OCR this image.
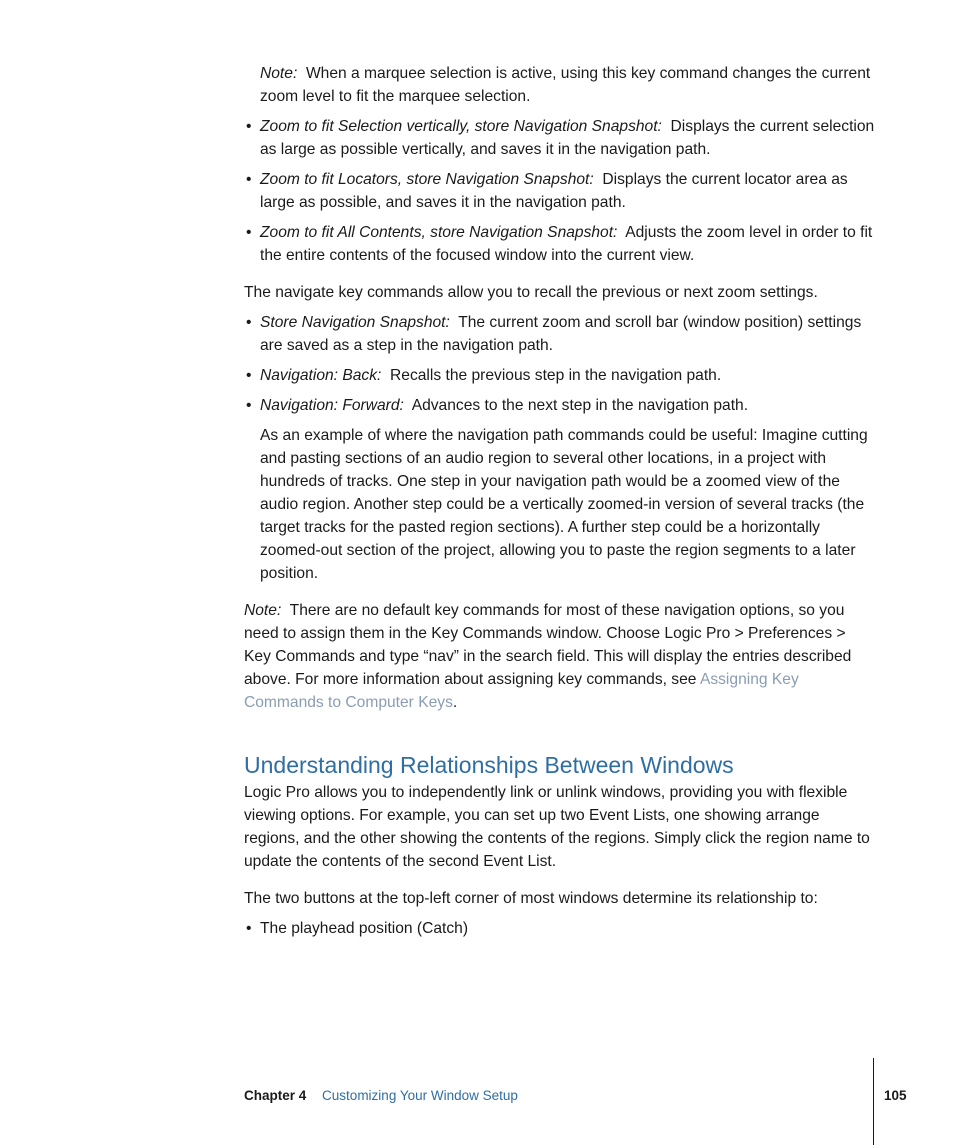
Note: When a marquee selection is active, using this key command changes the current zoom level to fit the marquee selection.
• Zoom to fit Selection vertically, store Navigation Snapshot: Displays the current selection as large as possible vertically, and saves it in the navigation path.
• Zoom to fit Locators, store Navigation Snapshot: Displays the current locator area as large as possible, and saves it in the navigation path.
• Zoom to fit All Contents, store Navigation Snapshot: Adjusts the zoom level in order to fit the entire contents of the focused window into the current view.
The navigate key commands allow you to recall the previous or next zoom settings.
• Store Navigation Snapshot: The current zoom and scroll bar (window position) settings are saved as a step in the navigation path.
• Navigation: Back: Recalls the previous step in the navigation path.
• Navigation: Forward: Advances to the next step in the navigation path.
As an example of where the navigation path commands could be useful: Imagine cutting and pasting sections of an audio region to several other locations, in a project with hundreds of tracks. One step in your navigation path would be a zoomed view of the audio region. Another step could be a vertically zoomed-in version of several tracks (the target tracks for the pasted region sections). A further step could be a horizontally zoomed-out section of the project, allowing you to paste the region segments to a later position.
Note: There are no default key commands for most of these navigation options, so you need to assign them in the Key Commands window. Choose Logic Pro > Preferences > Key Commands and type “nav” in the search field. This will display the entries described above. For more information about assigning key commands, see Assigning Key Commands to Computer Keys.
Understanding Relationships Between Windows
Logic Pro allows you to independently link or unlink windows, providing you with flexible viewing options. For example, you can set up two Event Lists, one showing arrange regions, and the other showing the contents of the regions. Simply click the region name to update the contents of the second Event List.
The two buttons at the top-left corner of most windows determine its relationship to:
• The playhead position (Catch)
Chapter 4 Customizing Your Window Setup	105
